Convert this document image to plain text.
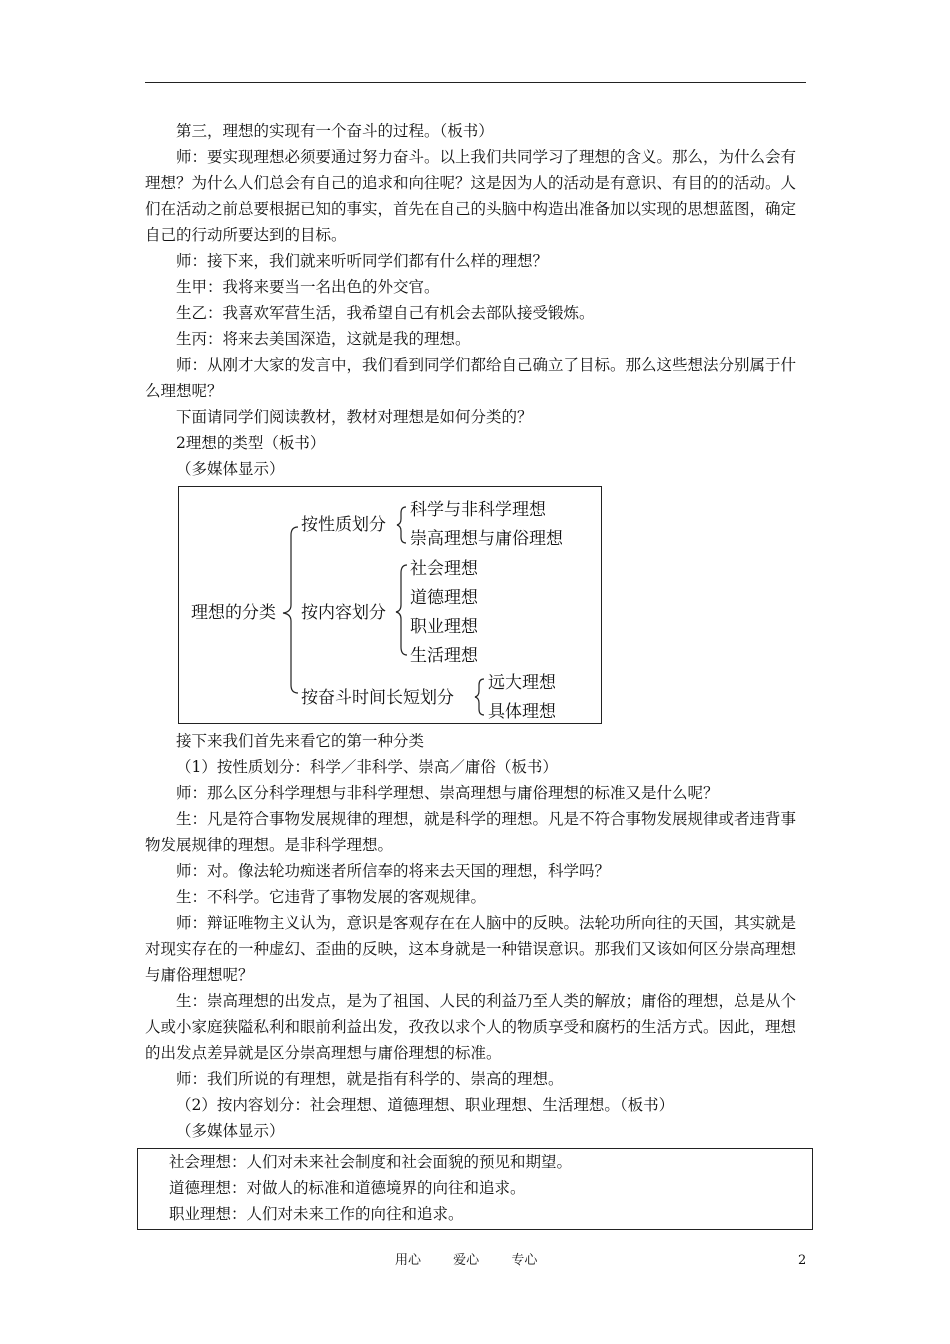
第三，理想的实现有一个奋斗的过程。（板书）

师：要实现理想必须要通过努力奋斗。以上我们共同学习了理想的含义。那么，为什么会有理想？为什么人们总会有自己的追求和向往呢？这是因为人的活动是有意识、有目的的活动。人们在活动之前总要根据已知的事实，首先在自己的头脑中构造出准备加以实现的思想蓝图，确定自己的行动所要达到的目标。

师：接下来，我们就来听听同学们都有什么样的理想？

生甲：我将来要当一名出色的外交官。

生乙：我喜欢军营生活，我希望自己有机会去部队接受锻炼。

生丙：将来去美国深造，这就是我的理想。

师：从刚才大家的发言中，我们看到同学们都给自己确立了目标。那么这些想法分别属于什么理想呢？

下面请同学们阅读教材，教材对理想是如何分类的？

2理想的类型（板书）

（多媒体显示）

理想的分类
按性质划分
科学与非科学理想
崇高理想与庸俗理想
按内容划分
社会理想
道德理想
职业理想
生活理想
按奋斗时间长短划分
远大理想
具体理想

接下来我们首先来看它的第一种分类

（1）按性质划分：科学／非科学、崇高／庸俗（板书）

师：那么区分科学理想与非科学理想、崇高理想与庸俗理想的标准又是什么呢？

生：凡是符合事物发展规律的理想，就是科学的理想。凡是不符合事物发展规律或者违背事物发展规律的理想。是非科学理想。

师：对。像法轮功痴迷者所信奉的将来去天国的理想，科学吗？

生：不科学。它违背了事物发展的客观规律。

师：辩证唯物主义认为，意识是客观存在在人脑中的反映。法轮功所向往的天国，其实就是对现实存在的一种虚幻、歪曲的反映，这本身就是一种错误意识。那我们又该如何区分崇高理想与庸俗理想呢？

生：崇高理想的出发点，是为了祖国、人民的利益乃至人类的解放；庸俗的理想，总是从个人或小家庭狭隘私利和眼前利益出发，孜孜以求个人的物质享受和腐朽的生活方式。因此，理想的出发点差异就是区分崇高理想与庸俗理想的标准。

师：我们所说的有理想，就是指有科学的、崇高的理想。

（2）按内容划分：社会理想、道德理想、职业理想、生活理想。（板书）

（多媒体显示）

社会理想：人们对未来社会制度和社会面貌的预见和期望。

道德理想：对做人的标准和道德境界的向往和追求。

职业理想：人们对未来工作的向往和追求。

用心 爱心 专心	2
